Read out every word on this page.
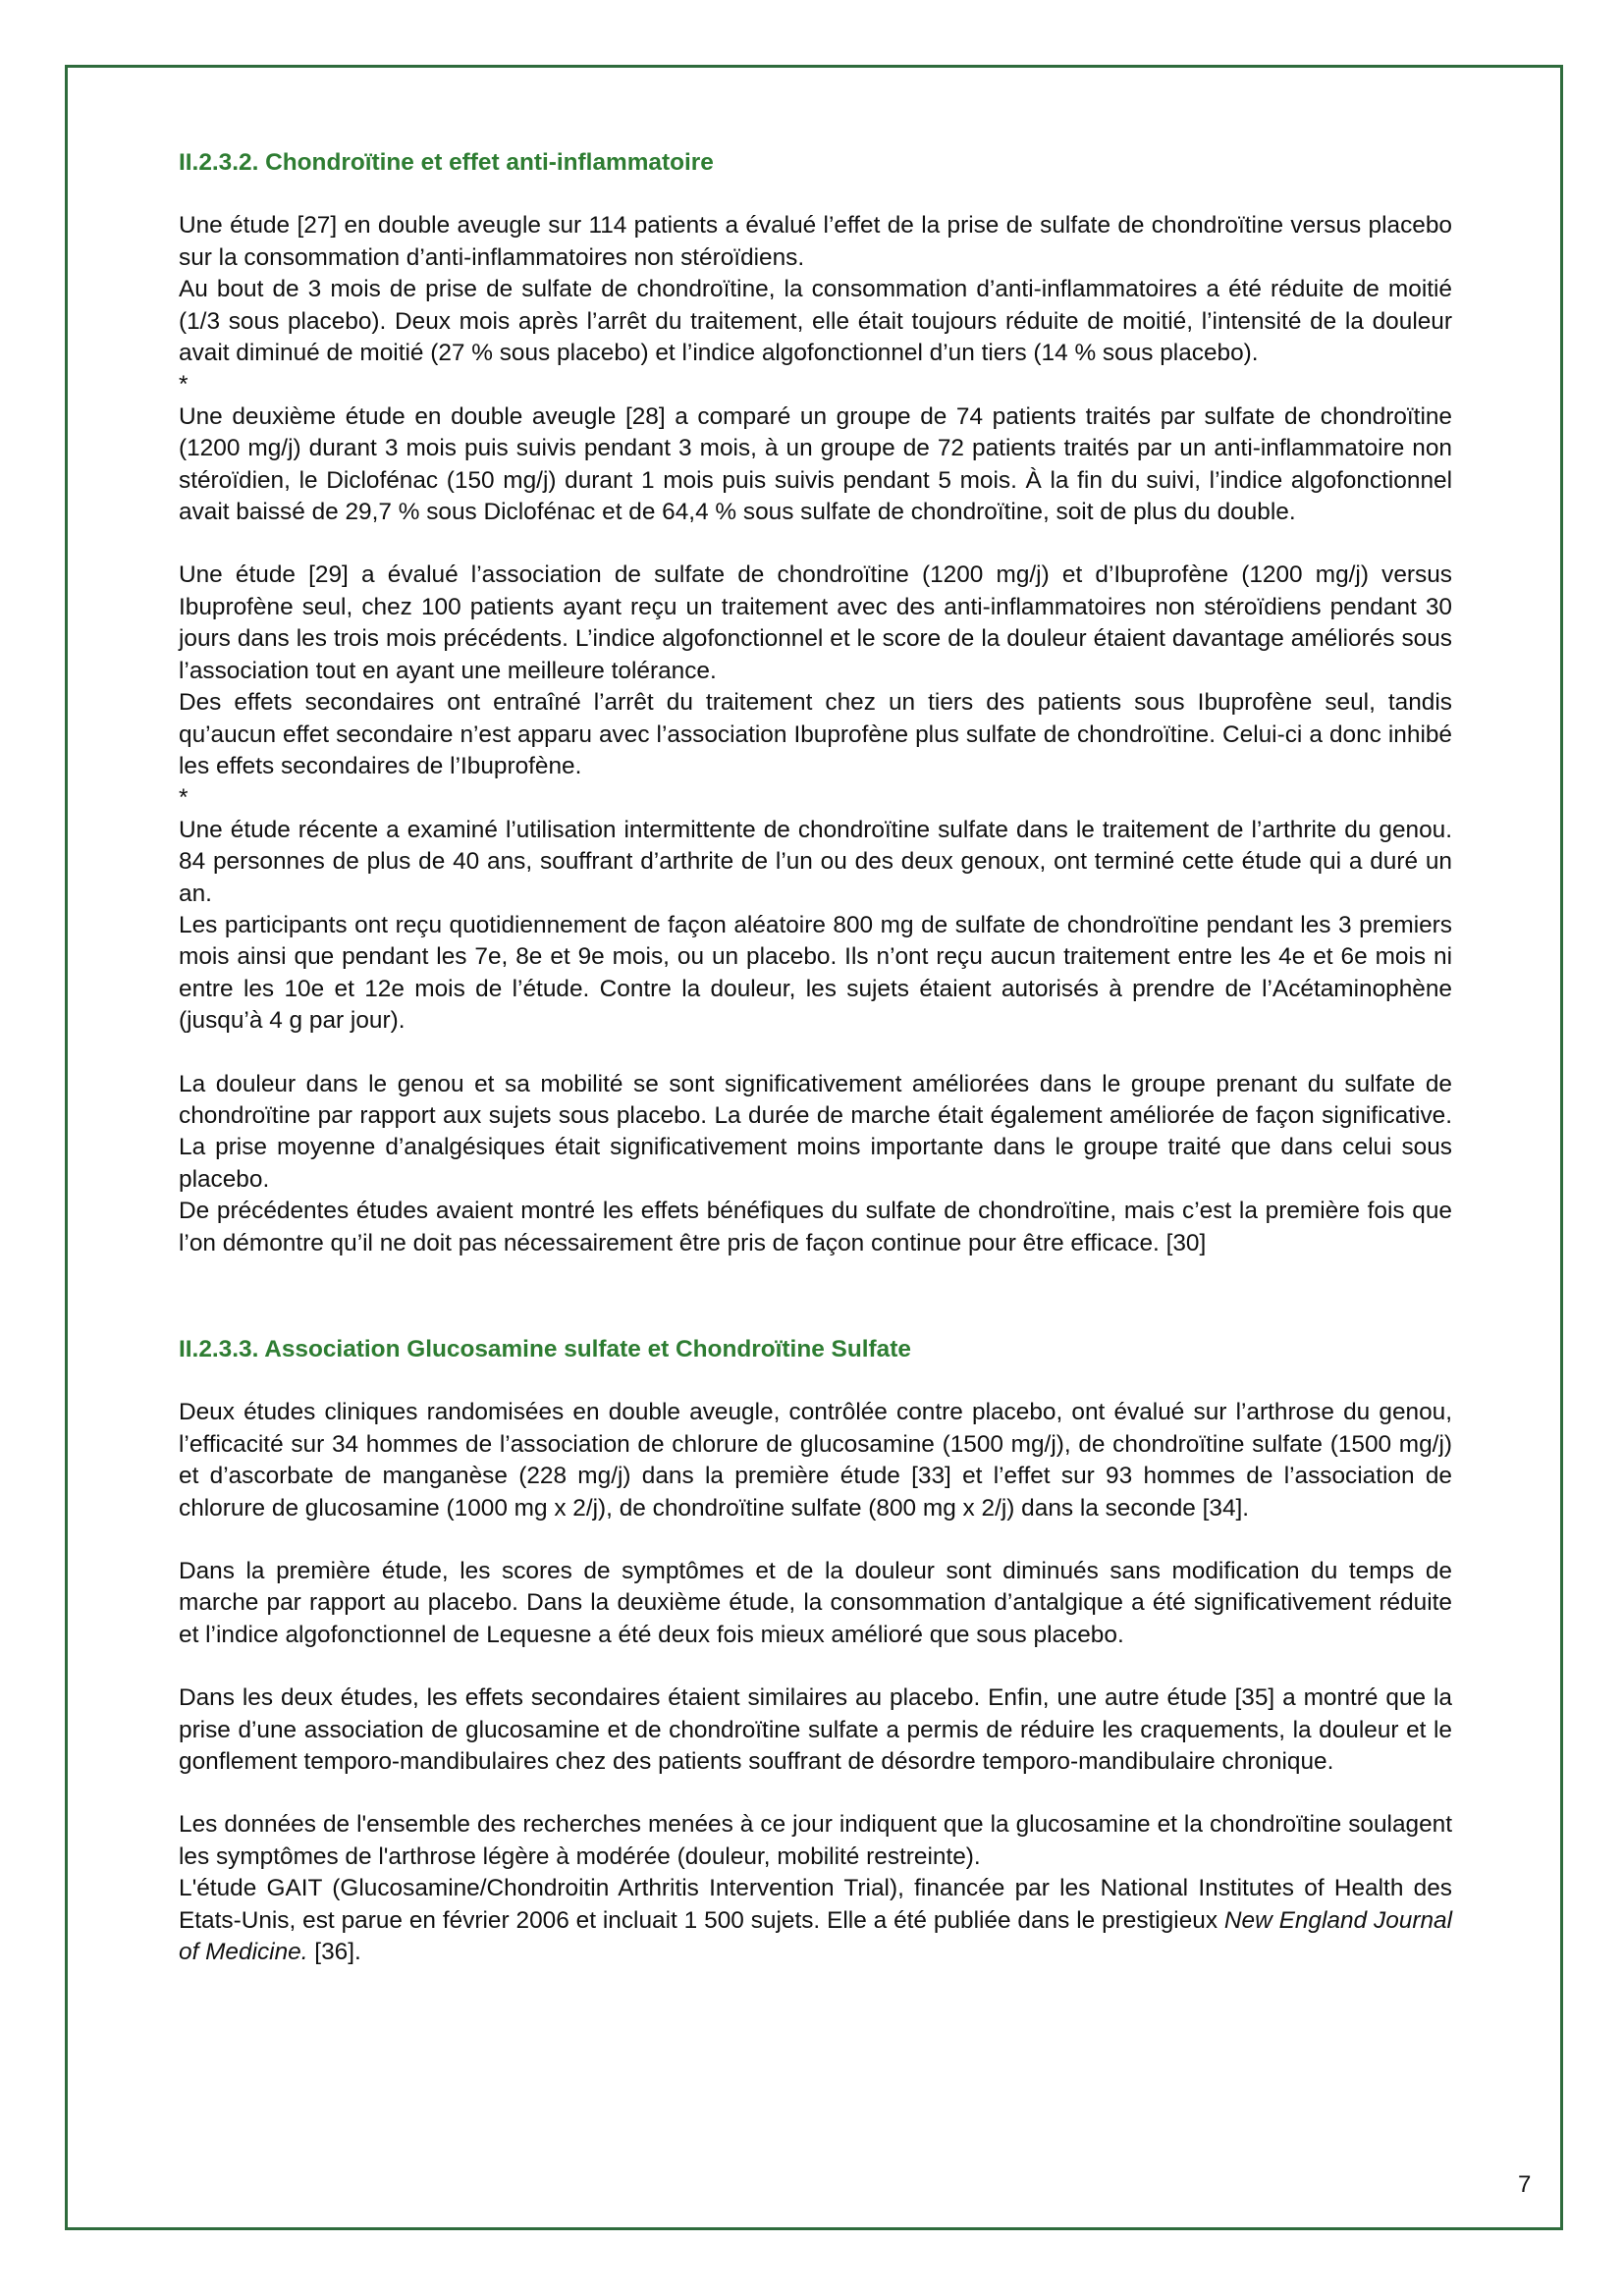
II.2.3.2. Chondroïtine et effet anti-inflammatoire

Une étude [27] en double aveugle sur 114 patients a évalué l’effet de la prise de sulfate de chondroïtine versus placebo sur la consommation d’anti-inflammatoires non stéroïdiens.

Au bout de 3 mois de prise de sulfate de chondroïtine, la consommation d’anti-inflammatoires a été réduite de moitié (1/3 sous placebo). Deux mois après l’arrêt du traitement, elle était toujours réduite de moitié, l’intensité de la douleur avait diminué de moitié (27 % sous placebo) et l’indice algofonctionnel d’un tiers (14 % sous placebo).

*

Une deuxième étude en double aveugle [28] a comparé un groupe de 74 patients traités par sulfate de chondroïtine (1200 mg/j) durant 3 mois puis suivis pendant 3 mois, à un groupe de 72 patients traités par un anti-inflammatoire non stéroïdien, le Diclofénac (150 mg/j) durant 1 mois puis suivis pendant 5 mois. À la fin du suivi, l’indice algofonctionnel avait baissé de 29,7 % sous Diclofénac et de 64,4 % sous sulfate de chondroïtine, soit de plus du double.

Une étude [29] a évalué l’association de sulfate de chondroïtine (1200 mg/j) et d’Ibuprofène (1200 mg/j) versus Ibuprofène seul, chez 100 patients ayant reçu un traitement avec des anti-inflammatoires non stéroïdiens pendant 30 jours dans les trois mois précédents. L’indice algofonctionnel et le score de la douleur étaient davantage améliorés sous l’association tout en ayant une meilleure tolérance.

Des effets secondaires ont entraîné l’arrêt du traitement chez un tiers des patients sous Ibuprofène seul, tandis qu’aucun effet secondaire n’est apparu avec l’association Ibuprofène plus sulfate de chondroïtine. Celui-ci a donc inhibé les effets secondaires de l’Ibuprofène.

*

Une étude récente a examiné l’utilisation intermittente de chondroïtine sulfate dans le traitement de l’arthrite du genou. 84 personnes de plus de 40 ans, souffrant d’arthrite de l’un ou des deux genoux, ont terminé cette étude qui a duré un an.

Les participants ont reçu quotidiennement de façon aléatoire 800 mg de sulfate de chondroïtine pendant les 3 premiers mois ainsi que pendant les 7e, 8e et 9e mois, ou un placebo. Ils n’ont reçu aucun traitement entre les 4e et 6e mois ni entre les 10e et 12e mois de l’étude. Contre la douleur, les sujets étaient autorisés à prendre de l’Acétaminophène (jusqu’à 4 g par jour).

La douleur dans le genou et sa mobilité se sont significativement améliorées dans le groupe prenant du sulfate de chondroïtine par rapport aux sujets sous placebo. La durée de marche était également améliorée de façon significative. La prise moyenne d’analgésiques était significativement moins importante dans le groupe traité que dans celui sous placebo.

De précédentes études avaient montré les effets bénéfiques du sulfate de chondroïtine, mais c’est la première fois que l’on démontre qu’il ne doit pas nécessairement être pris de façon continue pour être efficace. [30]

II.2.3.3. Association Glucosamine sulfate et Chondroïtine Sulfate

Deux études cliniques randomisées en double aveugle, contrôlée contre placebo, ont évalué sur l’arthrose du genou, l’efficacité sur 34 hommes de l’association de chlorure de glucosamine (1500 mg/j), de chondroïtine sulfate (1500 mg/j) et d’ascorbate de manganèse (228 mg/j) dans la première étude [33] et l’effet sur 93 hommes de l’association de chlorure de glucosamine (1000 mg x 2/j), de chondroïtine sulfate (800 mg x 2/j) dans la seconde [34].

Dans la première étude, les scores de symptômes et de la douleur sont diminués sans modification du temps de marche par rapport au placebo. Dans la deuxième étude, la consommation d’antalgique a été significativement réduite et l’indice algofonctionnel de Lequesne a été deux fois mieux amélioré que sous placebo.

Dans les deux études, les effets secondaires étaient similaires au placebo. Enfin, une autre étude [35] a montré que la prise d’une association de glucosamine et de chondroïtine sulfate a permis de réduire les craquements, la douleur et le gonflement temporo-mandibulaires chez des patients souffrant de désordre temporo-mandibulaire chronique.

Les données de l'ensemble des recherches menées à ce jour indiquent que la glucosamine et la chondroïtine soulagent les symptômes de l'arthrose légère à modérée (douleur, mobilité restreinte).

L'étude GAIT (Glucosamine/Chondroitin Arthritis Intervention Trial), financée par les National Institutes of Health des Etats-Unis, est parue en février 2006 et incluait 1 500 sujets. Elle a été publiée dans le prestigieux New England Journal of Medicine. [36].

7
